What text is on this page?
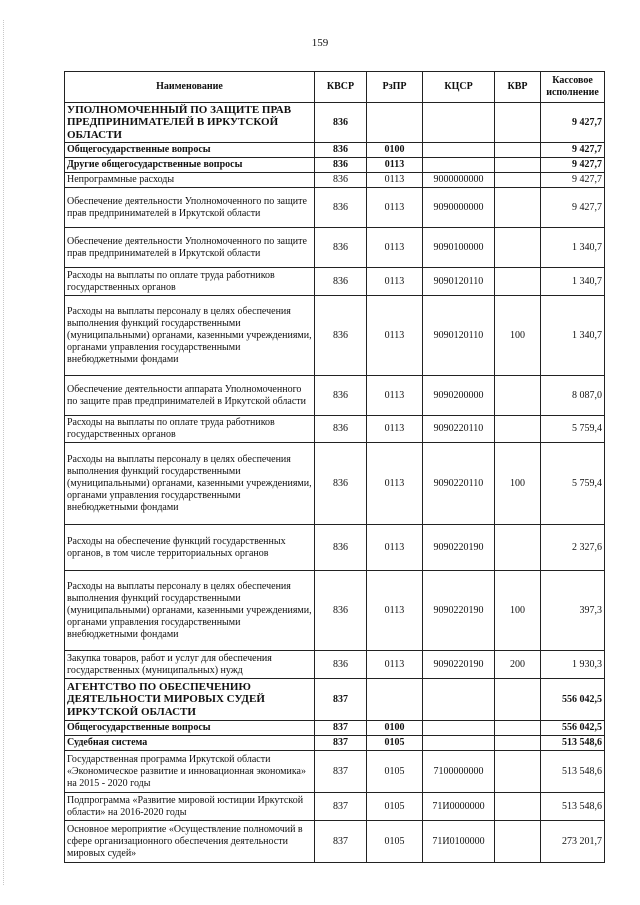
159
Наименование	КВСР	РзПР	КЦСР	КВР	Кассовое исполнение
УПОЛНОМОЧЕННЫЙ ПО ЗАЩИТЕ ПРАВ ПРЕДПРИНИМАТЕЛЕЙ В ИРКУТСКОЙ ОБЛАСТИ	836				9 427,7
Общегосударственные вопросы	836	0100			9 427,7
Другие общегосударственные вопросы	836	0113			9 427,7
Непрограммные расходы	836	0113	9000000000		9 427,7
Обеспечение деятельности Уполномоченного по защите прав предпринимателей в Иркутской области	836	0113	9090000000		9 427,7
Обеспечение деятельности Уполномоченного по защите прав предпринимателей в Иркутской области	836	0113	9090100000		1 340,7
Расходы на выплаты по оплате труда работников государственных органов	836	0113	9090120110		1 340,7
Расходы на выплаты персоналу в целях обеспечения выполнения функций государственными (муниципальными) органами, казенными учреждениями, органами управления государственными внебюджетными фондами	836	0113	9090120110	100	1 340,7
Обеспечение деятельности аппарата Уполномоченного по защите прав предпринимателей в Иркутской области	836	0113	9090200000		8 087,0
Расходы на выплаты по оплате труда работников государственных органов	836	0113	9090220110		5 759,4
Расходы на выплаты персоналу в целях обеспечения выполнения функций государственными (муниципальными) органами, казенными учреждениями, органами управления государственными внебюджетными фондами	836	0113	9090220110	100	5 759,4
Расходы на обеспечение функций государственных органов, в том числе территориальных органов	836	0113	9090220190		2 327,6
Расходы на выплаты персоналу в целях обеспечения выполнения функций государственными (муниципальными) органами, казенными учреждениями, органами управления государственными внебюджетными фондами	836	0113	9090220190	100	397,3
Закупка товаров, работ и услуг для обеспечения государственных (муниципальных) нужд	836	0113	9090220190	200	1 930,3
АГЕНТСТВО ПО ОБЕСПЕЧЕНИЮ ДЕЯТЕЛЬНОСТИ МИРОВЫХ СУДЕЙ ИРКУТСКОЙ ОБЛАСТИ	837				556 042,5
Общегосударственные вопросы	837	0100			556 042,5
Судебная система	837	0105			513 548,6
Государственная программа Иркутской области «Экономическое развитие и инновационная экономика» на 2015 - 2020 годы	837	0105	7100000000		513 548,6
Подпрограмма «Развитие мировой юстиции Иркутской области» на 2016-2020 годы	837	0105	71И0000000		513 548,6
Основное мероприятие «Осуществление полномочий в сфере организационного обеспечения деятельности мировых судей»	837	0105	71И0100000		273 201,7
